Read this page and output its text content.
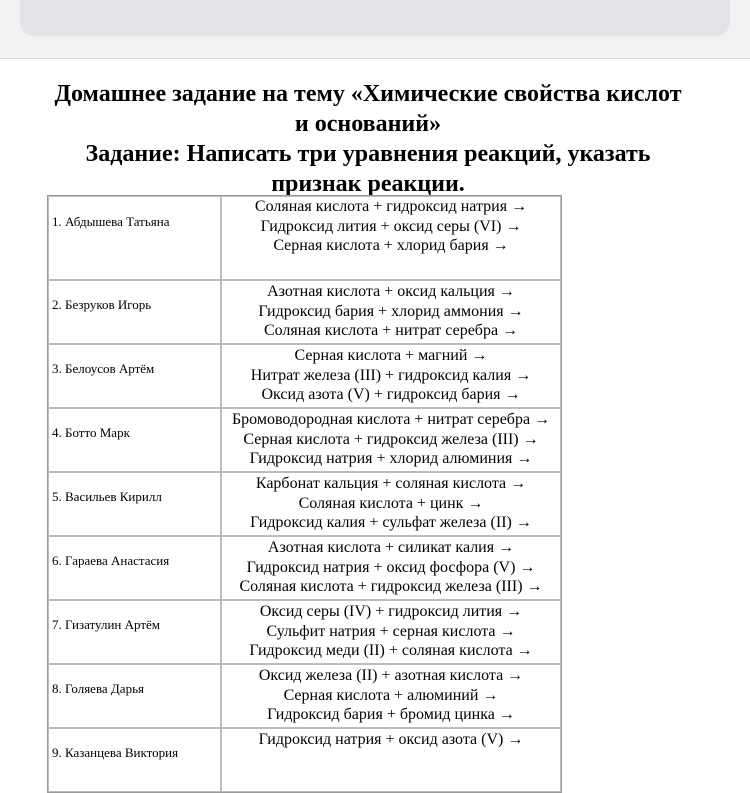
Домашнее задание на тему «Химические свойства кислот
и оснований»
Задание: Написать три уравнения реакций, указать
признак реакции.
1. Абдышева Татьяна	Соляная кислота + гидроксид натрия →
Гидроксид лития + оксид серы (VI) →
Серная кислота + хлорид бария →

2. Безруков Игорь	Азотная кислота + оксид кальция →
Гидроксид бария + хлорид аммония →
Соляная кислота + нитрат серебра →

3. Белоусов Артём	Серная кислота + магний →
Нитрат железа (III) + гидроксид калия →
Оксид азота (V) + гидроксид бария →

4. Ботто Марк	Бромоводородная кислота + нитрат серебра →
Серная кислота + гидроксид железа (III) →
Гидроксид натрия + хлорид алюминия →

5. Васильев Кирилл	Карбонат кальция + соляная кислота →
Соляная кислота + цинк →
Гидроксид калия + сульфат железа (II) →

6. Гараева Анастасия	Азотная кислота + силикат калия →
Гидроксид натрия + оксид фосфора (V) →
Соляная кислота + гидроксид железа (III) →

7. Гизатулин Артём	Оксид серы (IV) + гидроксид лития →
Сульфит натрия + серная кислота →
Гидроксид меди (II) + соляная кислота →

8. Голяева Дарья	Оксид железа (II) + азотная кислота →
Серная кислота + алюминий →
Гидроксид бария + бромид цинка →

9. Казанцева Виктория	Гидроксид натрия + оксид азота (V) →
